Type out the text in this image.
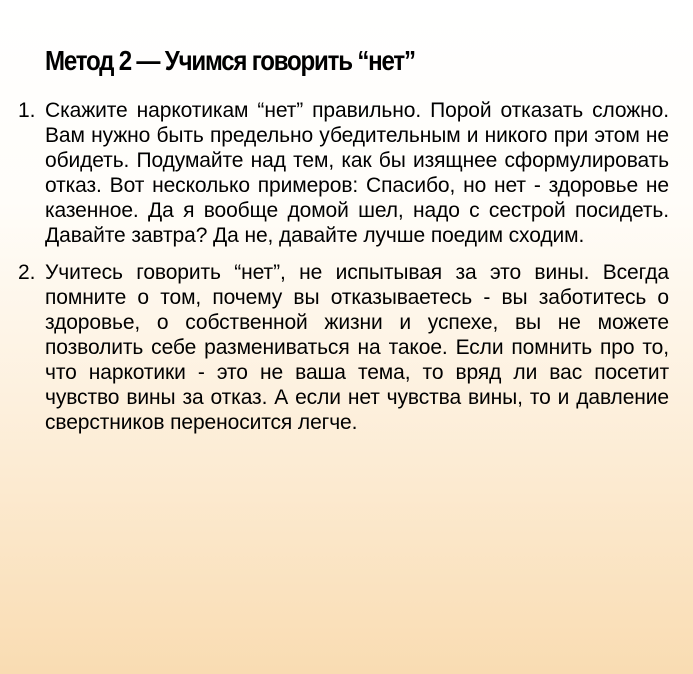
Метод 2 — Учимся говорить “нет”
1. Скажите наркотикам “нет” правильно. Порой отказать сложно. Вам нужно быть предельно убедительным и никого при этом не обидеть. Подумайте над тем, как бы изящнее сформулировать отказ. Вот несколько примеров: Спасибо, но нет - здоровье не казенное. Да я вообще домой шел, надо с сестрой посидеть. Давайте завтра? Да не, давайте лучше поедим сходим.
2. Учитесь говорить “нет”, не испытывая за это вины. Всегда помните о том, почему вы отказываетесь - вы заботитесь о здоровье, о собственной жизни и успехе, вы не можете позволить себе размениваться на такое. Если помнить про то, что наркотики - это не ваша тема, то вряд ли вас посетит чувство вины за отказ. А если нет чувства вины, то и давление сверстников переносится легче.
